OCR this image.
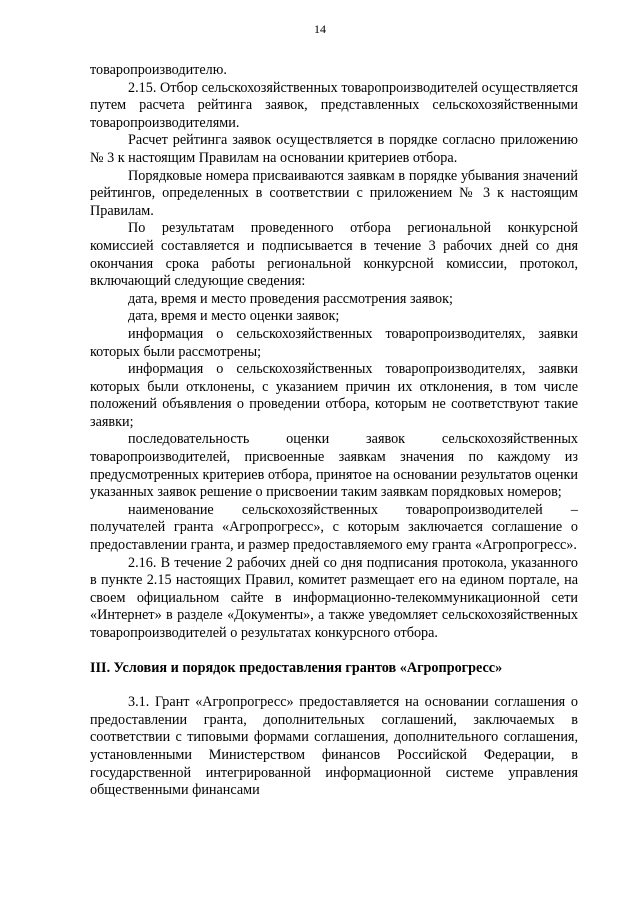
14

товаропроизводителю.

2.15. Отбор сельскохозяйственных товаропроизводителей осуществляется путем расчета рейтинга заявок, представленных сельскохозяйственными товаропроизводителями.

Расчет рейтинга заявок осуществляется в порядке согласно приложению № 3 к настоящим Правилам на основании критериев отбора.

Порядковые номера присваиваются заявкам в порядке убывания значений рейтингов, определенных в соответствии с приложением № 3 к настоящим Правилам.

По результатам проведенного отбора региональной конкурсной комиссией составляется и подписывается в течение 3 рабочих дней со дня окончания срока работы региональной конкурсной комиссии, протокол, включающий следующие сведения:

дата, время и место проведения рассмотрения заявок;

дата, время и место оценки заявок;

информация о сельскохозяйственных товаропроизводителях, заявки которых были рассмотрены;

информация о сельскохозяйственных товаропроизводителях, заявки которых были отклонены, с указанием причин их отклонения, в том числе положений объявления о проведении отбора, которым не соответствуют такие заявки;

последовательность оценки заявок сельскохозяйственных товаропроизводителей, присвоенные заявкам значения по каждому из предусмотренных критериев отбора, принятое на основании результатов оценки указанных заявок решение о присвоении таким заявкам порядковых номеров;

наименование сельскохозяйственных товаропроизводителей – получателей гранта «Агропрогресс», с которым заключается соглашение о предоставлении гранта, и размер предоставляемого ему гранта «Агропрогресс».

2.16. В течение 2 рабочих дней со дня подписания протокола, указанного в пункте 2.15 настоящих Правил, комитет размещает его на едином портале, на своем официальном сайте в информационно-телекоммуникационной сети «Интернет» в разделе «Документы», а также уведомляет сельскохозяйственных товаропроизводителей о результатах конкурсного отбора.

III. Условия и порядок предоставления грантов «Агропрогресс»

3.1. Грант «Агропрогресс» предоставляется на основании соглашения о предоставлении гранта, дополнительных соглашений, заключаемых в соответствии с типовыми формами соглашения, дополнительного соглашения, установленными Министерством финансов Российской Федерации, в государственной интегрированной информационной системе управления общественными финансами
